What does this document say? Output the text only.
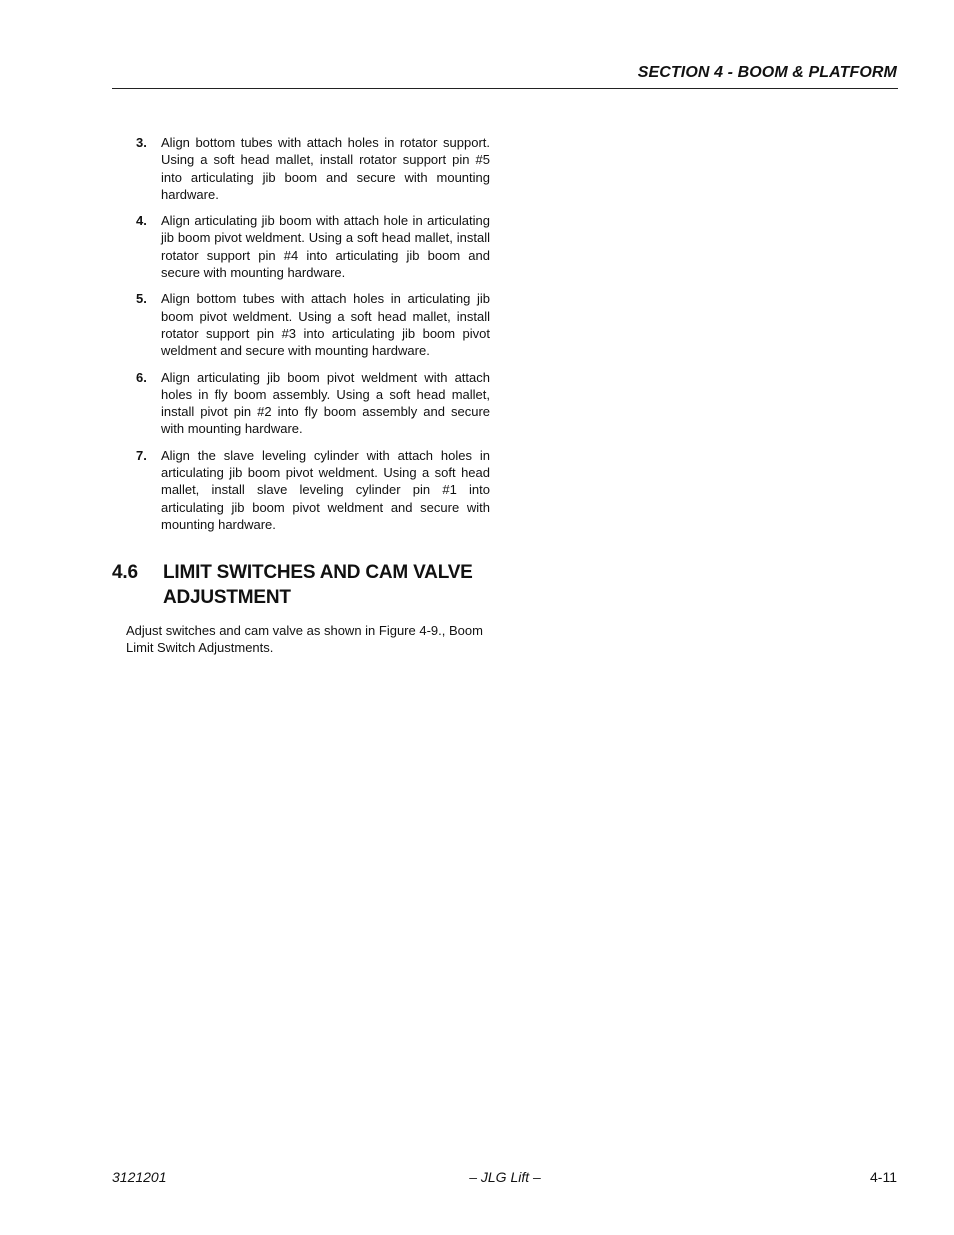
SECTION 4 - BOOM & PLATFORM
3. Align bottom tubes with attach holes in rotator support. Using a soft head mallet, install rotator support pin #5 into articulating jib boom and secure with mounting hardware.
4. Align articulating jib boom with attach hole in articulating jib boom pivot weldment. Using a soft head mallet, install rotator support pin #4 into articulating jib boom and secure with mounting hardware.
5. Align bottom tubes with attach holes in articulating jib boom pivot weldment. Using a soft head mallet, install rotator support pin #3 into articulating jib boom pivot weldment and secure with mounting hardware.
6. Align articulating jib boom pivot weldment with attach holes in fly boom assembly. Using a soft head mallet, install pivot pin #2 into fly boom assembly and secure with mounting hardware.
7. Align the slave leveling cylinder with attach holes in articulating jib boom pivot weldment. Using a soft head mallet, install slave leveling cylinder pin #1 into articulating jib boom pivot weldment and secure with mounting hardware.
4.6	LIMIT SWITCHES AND CAM VALVE ADJUSTMENT

Adjust switches and cam valve as shown in Figure 4-9., Boom Limit Switch Adjustments.

3121201	– JLG Lift –	4-11
